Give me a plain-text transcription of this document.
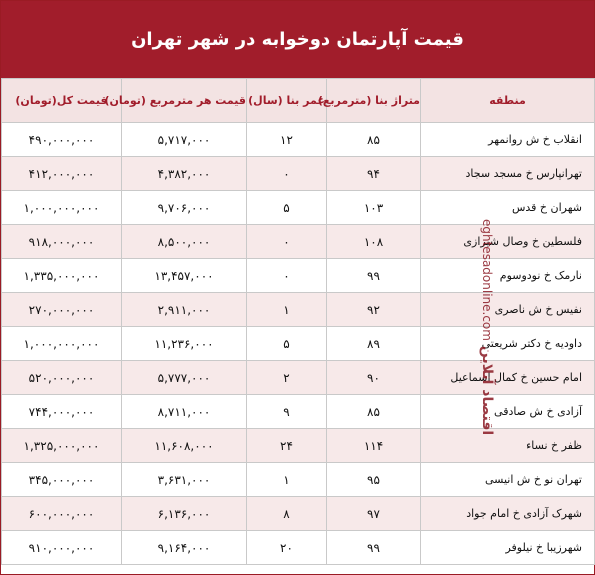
قیمت آپارتمان دوخوابه در شهر تهران
قیمت کل(تومان)	قیمت هر مترمربع (تومان)	عمر بنا (سال)	متراژ بنا (مترمربع)	منطقه
۴۹۰,۰۰۰,۰۰۰	۵,۷۱۷,۰۰۰	۱۲	۸۵	انقلاب خ ش روانمهر
۴۱۲,۰۰۰,۰۰۰	۴,۳۸۲,۰۰۰	۰	۹۴	تهرانپارس خ مسجد سجاد
۱,۰۰۰,۰۰۰,۰۰۰	۹,۷۰۶,۰۰۰	۵	۱۰۳	شهران خ قدس
۹۱۸,۰۰۰,۰۰۰	۸,۵۰۰,۰۰۰	۰	۱۰۸	فلسطین خ وصال شیرازی
۱,۳۳۵,۰۰۰,۰۰۰	۱۳,۴۵۷,۰۰۰	۰	۹۹	نارمک خ نودوسوم
۲۷۰,۰۰۰,۰۰۰	۲,۹۱۱,۰۰۰	۱	۹۲	نفیس خ ش ناصری
۱,۰۰۰,۰۰۰,۰۰۰	۱۱,۲۳۶,۰۰۰	۵	۸۹	داودیه خ دکتر شریعتی
۵۲۰,۰۰۰,۰۰۰	۵,۷۷۷,۰۰۰	۲	۹۰	امام حسین خ کمال اسماعیل
۷۴۴,۰۰۰,۰۰۰	۸,۷۱۱,۰۰۰	۹	۸۵	آزادی خ ش صادقی
۱,۳۲۵,۰۰۰,۰۰۰	۱۱,۶۰۸,۰۰۰	۲۴	۱۱۴	ظفر خ نساء
۳۴۵,۰۰۰,۰۰۰	۳,۶۳۱,۰۰۰	۱	۹۵	تهران نو خ ش انیسی
۶۰۰,۰۰۰,۰۰۰	۶,۱۳۶,۰۰۰	۸	۹۷	شهرک آزادی خ امام جواد
۹۱۰,۰۰۰,۰۰۰	۹,۱۶۴,۰۰۰	۲۰	۹۹	شهرزیبا خ نیلوفر
اقتصاد آنلاین eghtesadonline.com
